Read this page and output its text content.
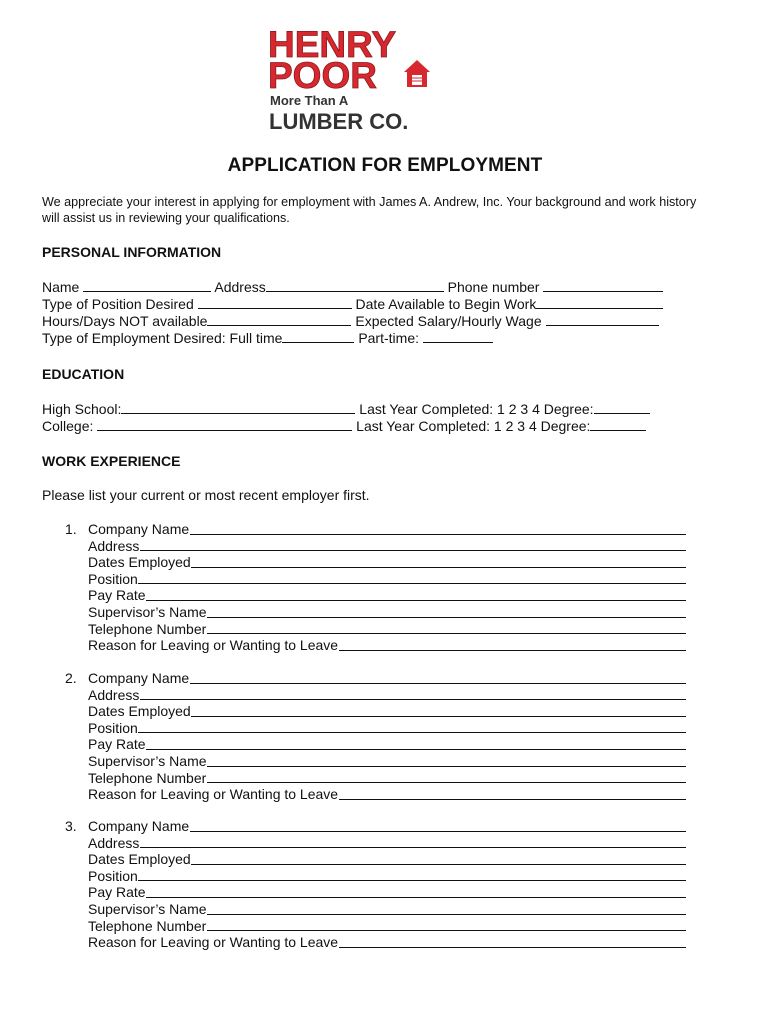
HENRY
POOR
More Than A
LUMBER CO.
APPLICATION FOR EMPLOYMENT
We appreciate your interest in applying for employment with James A. Andrew, Inc. Your background and work history will assist us in reviewing your qualifications.
PERSONAL INFORMATION
Name	Address	Phone number
Type of Position Desired	Date Available to Begin Work
Hours/Days NOT available	Expected Salary/Hourly Wage
Type of Employment Desired: Full time	Part-time:
EDUCATION
High School:	Last Year Completed: 1 2 3 4 Degree:
College:	Last Year Completed: 1 2 3 4 Degree:
WORK EXPERIENCE
Please list your current or most recent employer first.
1. Company Name
Address
Dates Employed
Position
Pay Rate
Supervisor’s Name
Telephone Number
Reason for Leaving or Wanting to Leave
2. Company Name
Address
Dates Employed
Position
Pay Rate
Supervisor’s Name
Telephone Number
Reason for Leaving or Wanting to Leave
3. Company Name
Address
Dates Employed
Position
Pay Rate
Supervisor’s Name
Telephone Number
Reason for Leaving or Wanting to Leave
